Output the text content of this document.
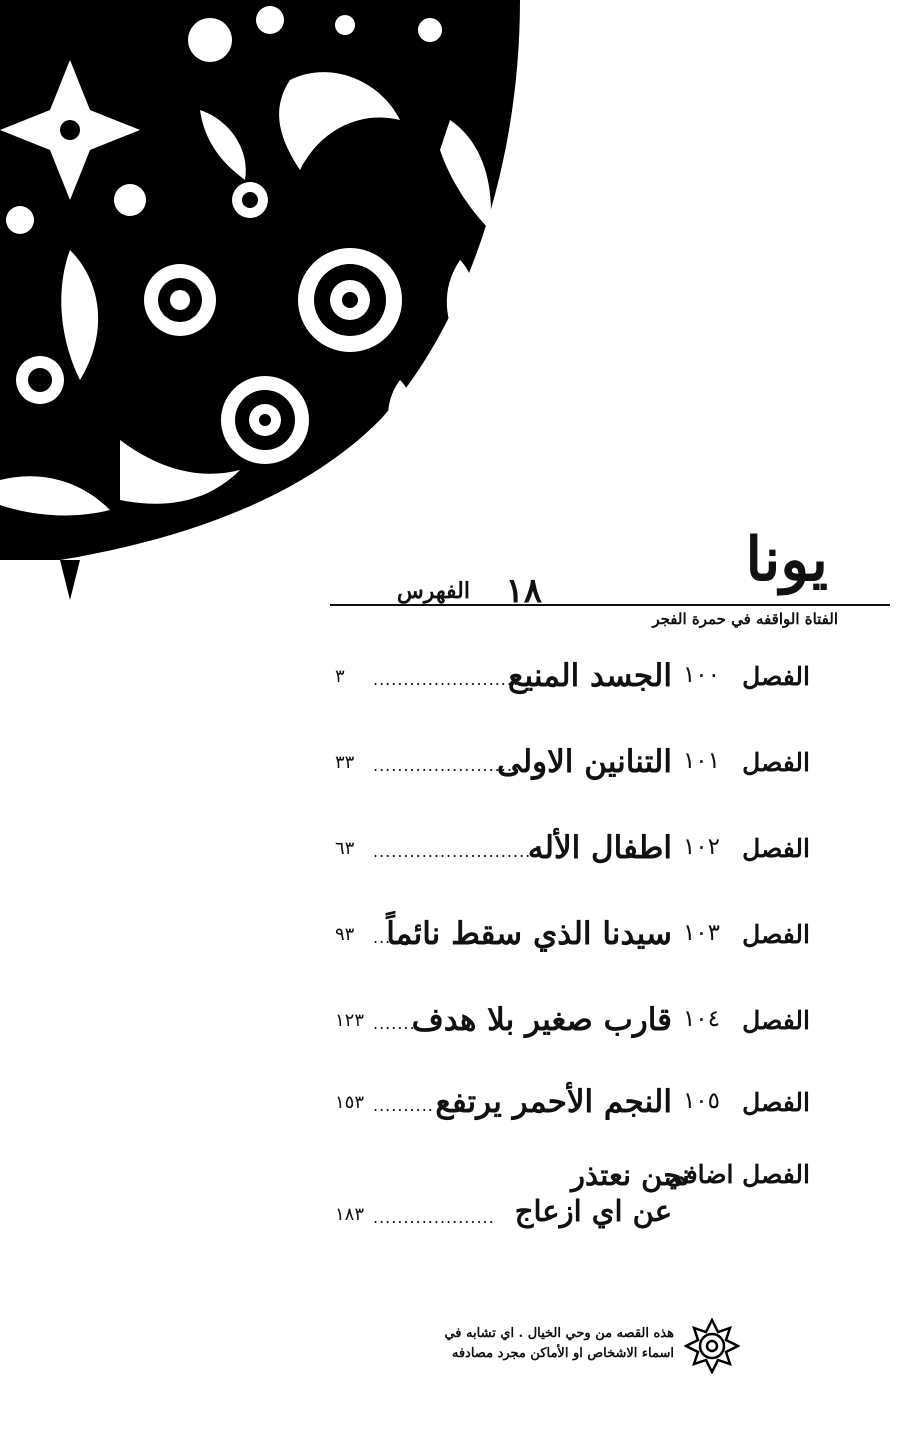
يونا
١٨
الفهرس
الفتاة الواقفه في حمرة الفجر
الفصل
١٠٠
الجسد المنيع
..........................
٣
الفصل
١٠١
التنانين الاولى
..........................
٣٣
الفصل
١٠٢
اطفال الأله
..........................
٦٣
الفصل
١٠٣
سيدنا الذي سقط نائماً
...
٩٣
الفصل
١٠٤
قارب صغير بلا هدف
........
١٢٣
الفصل
١٠٥
النجم الأحمر يرتفع
..........
١٥٣
الفصل اضافي
نحن نعتذر
عن اي ازعاج
....................
١٨٣
هذه القصه من وحي الخيال . اي تشابه في
اسماء الاشخاص او الأماكن مجرد مصادفه
